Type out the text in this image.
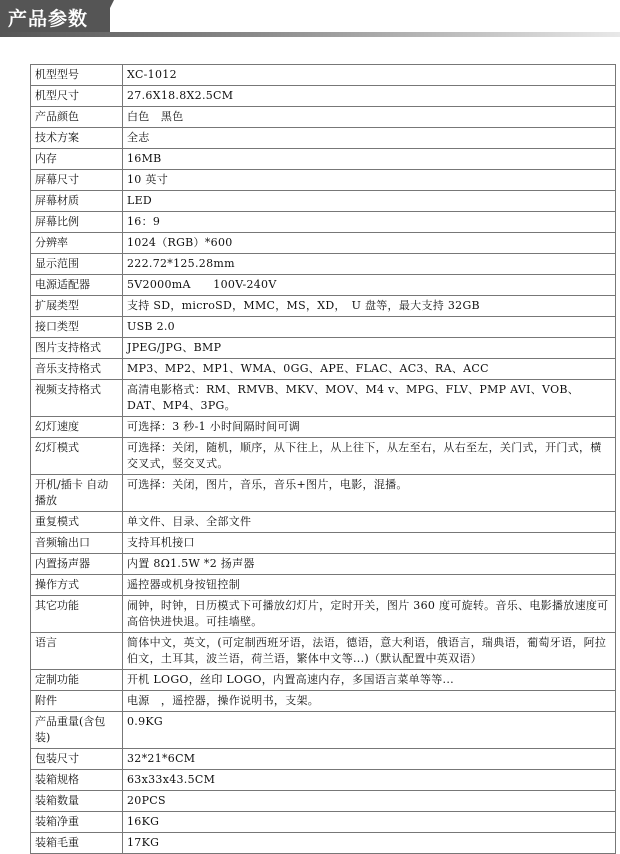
产品参数
机型型号	XC-1012
机型尺寸	27.6X18.8X2.5CM
产品颜色	白色　黑色
技术方案	全志
内存	16MB
屏幕尺寸	10 英寸
屏幕材质	LED
屏幕比例	16：9
分辨率	1024（RGB）*600
显示范围	222.72*125.28mm
电源适配器	5V2000mA　　100V-240V
扩展类型	支持 SD，microSD，MMC，MS，XD，　U 盘等，最大支持 32GB
接口类型	USB 2.0
图片支持格式	JPEG/JPG、BMP
音乐支持格式	MP3、MP2、MP1、WMA、0GG、APE、FLAC、AC3、RA、ACC
视频支持格式	高清电影格式：RM、RMVB、MKV、MOV、M4 v、MPG、FLV、PMP AVI、VOB、DAT、MP4、3PG。
幻灯速度	可选择：3 秒-1 小时间隔时间可调
幻灯模式	可选择：关闭，随机，顺序，从下往上，从上往下，从左至右，从右至左，关门式，开门式，横交叉式，竖交叉式。
开机/插卡 自动播放	可选择：关闭，图片，音乐，音乐+图片，电影，混播。
重复模式	单文件、目录、全部文件
音频输出口	支持耳机接口
内置扬声器	内置 8Ω1.5W *2 扬声器
操作方式	遥控器或机身按钮控制
其它功能	闹钟，时钟，日历模式下可播放幻灯片，定时开关，图片 360 度可旋转。音乐、电影播放速度可高倍快进快退。可挂墙壁。
语言	简体中文，英文，(可定制西班牙语，法语，德语，意大利语，俄语言，瑞典语，葡萄牙语，阿拉伯文，土耳其，波兰语，荷兰语，繁体中文等...)（默认配置中英双语）
定制功能	开机 LOGO，丝印 LOGO，内置高速内存，多国语言菜单等等...
附件	电源　，遥控器，操作说明书，支架。
产品重量(含包装)	0.9KG
包装尺寸	32*21*6CM
装箱规格	63x33x43.5CM
装箱数量	20PCS
装箱净重	16KG
装箱毛重	17KG
